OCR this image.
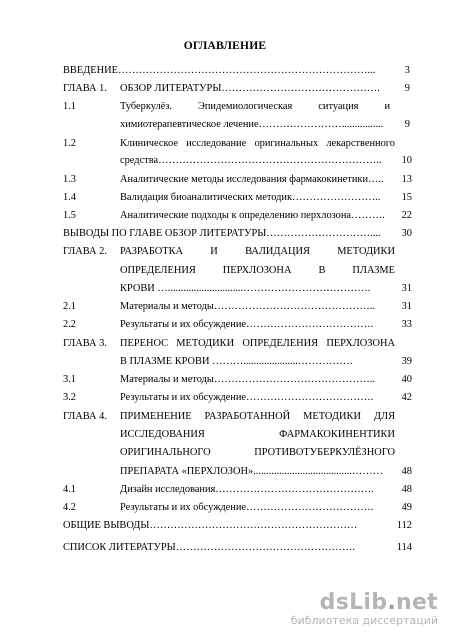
ОГЛАВЛЕНИЕ
ВВЕДЕНИЕ………………………………………………………………...	3
ГЛАВА 1. ОБЗОР ЛИТЕРАТУРЫ………………………………………. 9
1.1	Туберкулёз. Эпидемиологическая ситуация и
химиотерапевтическое лечение……………………................ 9
1.2	Клиническое исследование оригинальных лекарственного
средства……………………………………………………….. 10
1.3	Аналитические методы исследования фармакокинетики….. 13
1.4	Валидация биоаналитических методик…………………….. 15
1.5	Аналитические подходы к определению перхлозона………. 22
ВЫВОДЫ ПО ГЛАВЕ ОБЗОР ЛИТЕРАТУРЫ………………………….... 30
ГЛАВА 2. РАЗРАБОТКА И ВАЛИДАЦИЯ МЕТОДИКИ
ОПРЕДЕЛЕНИЯ ПЕРХЛОЗОНА В ПЛАЗМЕ
КРОВИ ….............................……………………………….	31
2.1	Материалы и методы………………………………………..	31
2.2	Результаты и их обсуждение……………………………….	33
ГЛАВА 3. ПЕРЕНОС МЕТОДИКИ ОПРЕДЕЛЕНИЯ ПЕРХЛОЗОНА
В ПЛАЗМЕ КРОВИ ……….....................…………….	39
3.1	Материалы и методы………………………………………..	40
3.2	Результаты и их обсуждение……………………………….	42
ГЛАВА 4. ПРИМЕНЕНИЕ РАЗРАБОТАННОЙ МЕТОДИКИ ДЛЯ
ИССЛЕДОВАНИЯ ФАРМАКОКИНЕНТИКИ
ОРИГИНАЛЬНОГО ПРОТИВОТУБЕРКУЛЁЗНОГО
ПРЕПАРАТА «ПЕРХЛОЗОН»......................................……… 48
4.1	Дизайн исследования……………………………………….	48
4.2	Результаты и их обсуждение……………………………….	49
ОБЩИЕ ВЫВОДЫ……………………………………………………	112
СПИСОК ЛИТЕРАТУРЫ…………………………………………….	114
dsLib.net
библиотека диссертаций
